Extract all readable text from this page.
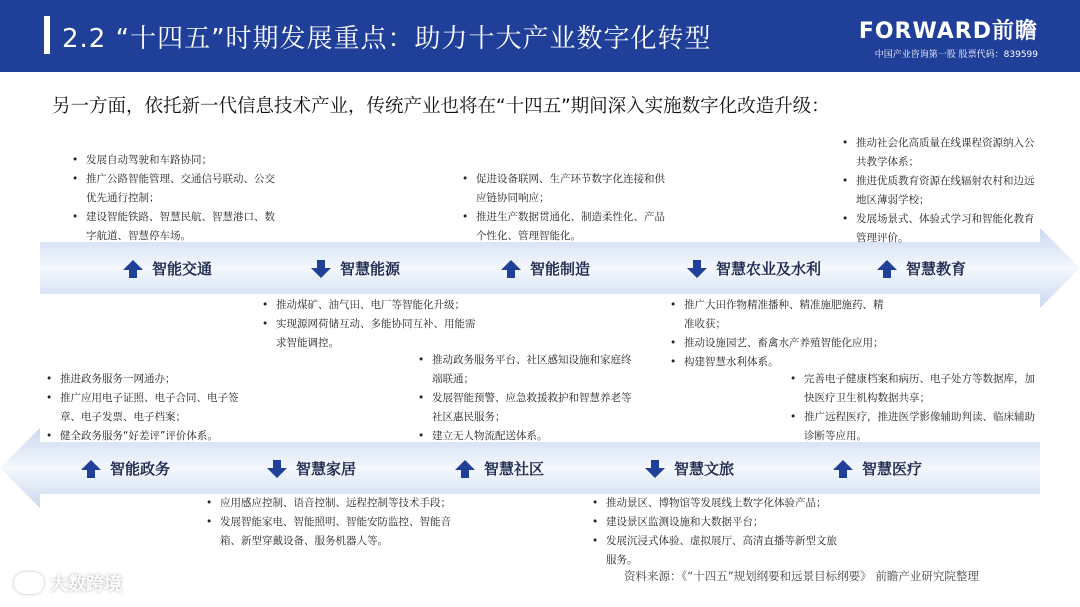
2.2 “十四五”时期发展重点：助力十大产业数字化转型	FORWARD前瞻
中国产业咨询第一股 股票代码：839599
另一方面，依托新一代信息技术产业，传统产业也将在“十四五”期间深入实施数字化改造升级：
智能交通	智慧能源	智能制造	智慧农业及水利	智慧教育
• 发展自动驾驶和车路协同；
• 推广公路智能管理、交通信号联动、公交优先通行控制；
• 建设智能铁路、智慧民航、智慧港口、数字航道、智慧停车场。
• 推动煤矿、油气田、电厂等智能化升级；
• 实现源网荷储互动、多能协同互补、用能需求智能调控。
• 促进设备联网、生产环节数字化连接和供应链协同响应；
• 推进生产数据贯通化、制造柔性化、产品个性化、管理智能化。
• 推广大田作物精准播种、精准施肥施药、精准收获；
• 推动设施园艺、畜禽水产养殖智能化应用；
• 构建智慧水利体系。
• 推动社会化高质量在线课程资源纳入公共教学体系；
• 推进优质教育资源在线辐射农村和边远地区薄弱学校；
• 发展场景式、体验式学习和智能化教育管理评价。
智能政务	智慧家居	智慧社区	智慧文旅	智慧医疗
• 推进政务服务一网通办；
• 推广应用电子证照、电子合同、电子签章、电子发票、电子档案；
• 健全政务服务“好差评”评价体系。
• 应用感应控制、语音控制、远程控制等技术手段；
• 发展智能家电、智能照明、智能安防监控、智能音箱、新型穿戴设备、服务机器人等。
• 推动政务服务平台、社区感知设施和家庭终端联通；
• 发展智能预警、应急救援救护和智慧养老等社区惠民服务；
• 建立无人物流配送体系。
• 推动景区、博物馆等发展线上数字化体验产品；
• 建设景区监测设施和大数据平台；
• 发展沉浸式体验、虚拟展厅、高清直播等新型文旅服务。
• 完善电子健康档案和病历、电子处方等数据库，加快医疗卫生机构数据共享；
• 推广远程医疗，推进医学影像辅助判读、临床辅助诊断等应用。
资料来源：《“十四五”规划纲要和远景目标纲要》 前瞻产业研究院整理
大数跨境
